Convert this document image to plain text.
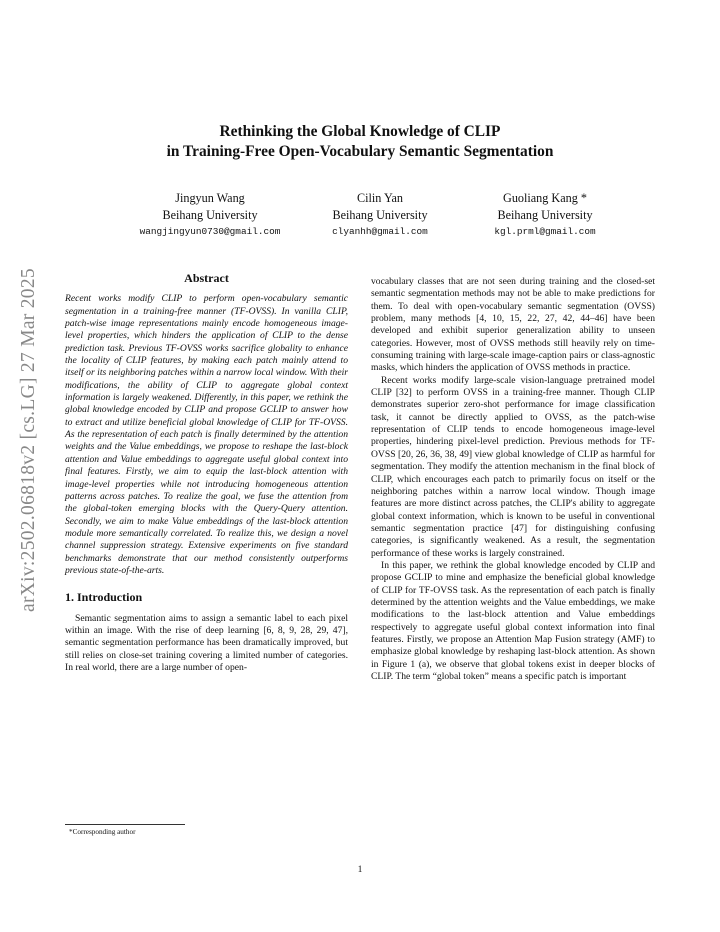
arXiv:2502.06818v2 [cs.LG] 27 Mar 2025
Rethinking the Global Knowledge of CLIP
in Training-Free Open-Vocabulary Semantic Segmentation
Jingyun Wang
Beihang University
wangjingyun0730@gmail.com
Cilin Yan
Beihang University
clyanhh@gmail.com
Guoliang Kang *
Beihang University
kgl.prml@gmail.com
Abstract

Recent works modify CLIP to perform open-vocabulary semantic segmentation in a training-free manner (TF-OVSS). In vanilla CLIP, patch-wise image representations mainly encode homogeneous image-level properties, which hinders the application of CLIP to the dense prediction task. Previous TF-OVSS works sacrifice globality to enhance the locality of CLIP features, by making each patch mainly attend to itself or its neighboring patches within a narrow local window. With their modifications, the ability of CLIP to aggregate global context information is largely weakened. Differently, in this paper, we rethink the global knowledge encoded by CLIP and propose GCLIP to answer how to extract and utilize beneficial global knowledge of CLIP for TF-OVSS. As the representation of each patch is finally determined by the attention weights and the Value embeddings, we propose to reshape the last-block attention and Value embeddings to aggregate useful global context into final features. Firstly, we aim to equip the last-block attention with image-level properties while not introducing homogeneous attention patterns across patches. To realize the goal, we fuse the attention from the global-token emerging blocks with the Query-Query attention. Secondly, we aim to make Value embeddings of the last-block attention module more semantically correlated. To realize this, we design a novel channel suppression strategy. Extensive experiments on five standard benchmarks demonstrate that our method consistently outperforms previous state-of-the-arts.

1. Introduction

Semantic segmentation aims to assign a semantic label to each pixel within an image. With the rise of deep learning [6, 8, 9, 28, 29, 47], semantic segmentation performance has been dramatically improved, but still relies on close-set training covering a limited number of categories. In real world, there are a large number of open-

vocabulary classes that are not seen during training and the closed-set semantic segmentation methods may not be able to make predictions for them. To deal with open-vocabulary semantic segmentation (OVSS) problem, many methods [4, 10, 15, 22, 27, 42, 44–46] have been developed and exhibit superior generalization ability to unseen categories. However, most of OVSS methods still heavily rely on time-consuming training with large-scale image-caption pairs or class-agnostic masks, which hinders the application of OVSS methods in practice.

Recent works modify large-scale vision-language pretrained model CLIP [32] to perform OVSS in a training-free manner. Though CLIP demonstrates superior zero-shot performance for image classification task, it cannot be directly applied to OVSS, as the patch-wise representation of CLIP tends to encode homogeneous image-level properties, hindering pixel-level prediction. Previous methods for TF-OVSS [20, 26, 36, 38, 49] view global knowledge of CLIP as harmful for segmentation. They modify the attention mechanism in the final block of CLIP, which encourages each patch to primarily focus on itself or the neighboring patches within a narrow local window. Though image features are more distinct across patches, the CLIP's ability to aggregate global context information, which is known to be useful in conventional semantic segmentation practice [47] for distinguishing confusing categories, is significantly weakened. As a result, the segmentation performance of these works is largely constrained.

In this paper, we rethink the global knowledge encoded by CLIP and propose GCLIP to mine and emphasize the beneficial global knowledge of CLIP for TF-OVSS task. As the representation of each patch is finally determined by the attention weights and the Value embeddings, we make modifications to the last-block attention and Value embeddings respectively to aggregate useful global context information into final features. Firstly, we propose an Attention Map Fusion strategy (AMF) to emphasize global knowledge by reshaping last-block attention. As shown in Figure 1 (a), we observe that global tokens exist in deeper blocks of CLIP. The term “global token” means a specific patch is important

*Corresponding author
1
